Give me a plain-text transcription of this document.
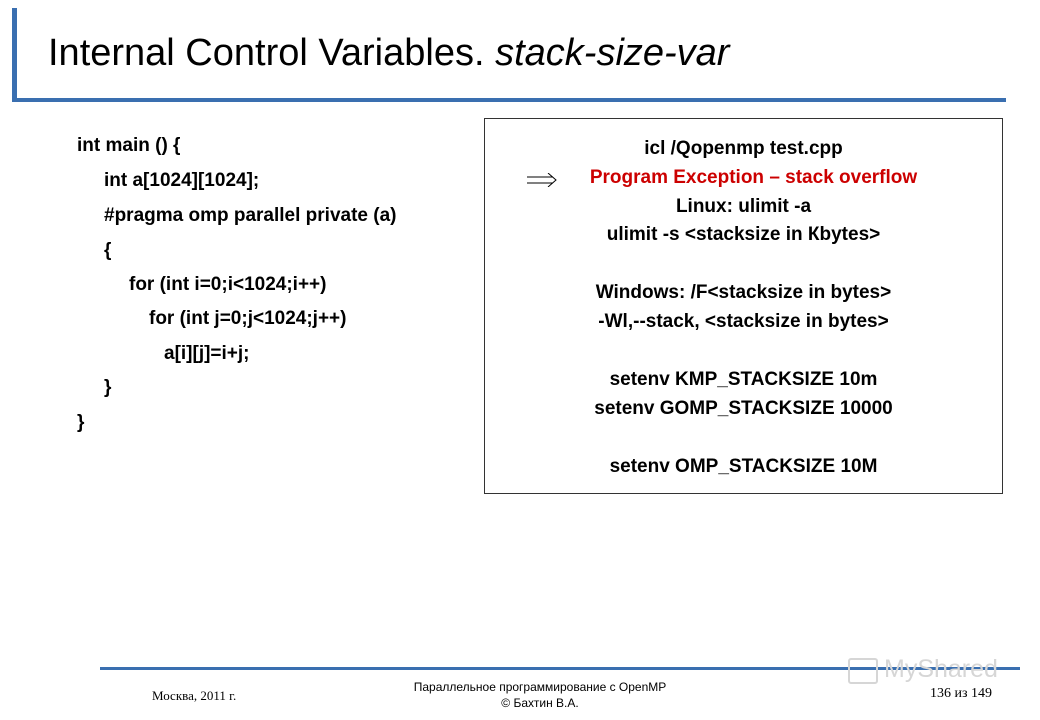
Internal Control Variables. stack-size-var
int main () {
int a[1024][1024];
#pragma omp parallel private (a)
{
for (int i=0;i<1024;i++)
for (int j=0;j<1024;j++)
a[i][j]=i+j;
}
}
icl /Qopenmp test.cpp
Program Exception – stack overflow
Linux: ulimit -a
ulimit -s <stacksize in Кbytes>
Windows: /F<stacksize in bytes>
-Wl,--stack, <stacksize in bytes>
setenv KMP_STACKSIZE 10m
setenv GOMP_STACKSIZE 10000
setenv OMP_STACKSIZE 10M
MyShared
Москва, 2011 г.
Параллельное программирование с OpenMP
© Бахтин В.А.
136 из 149
